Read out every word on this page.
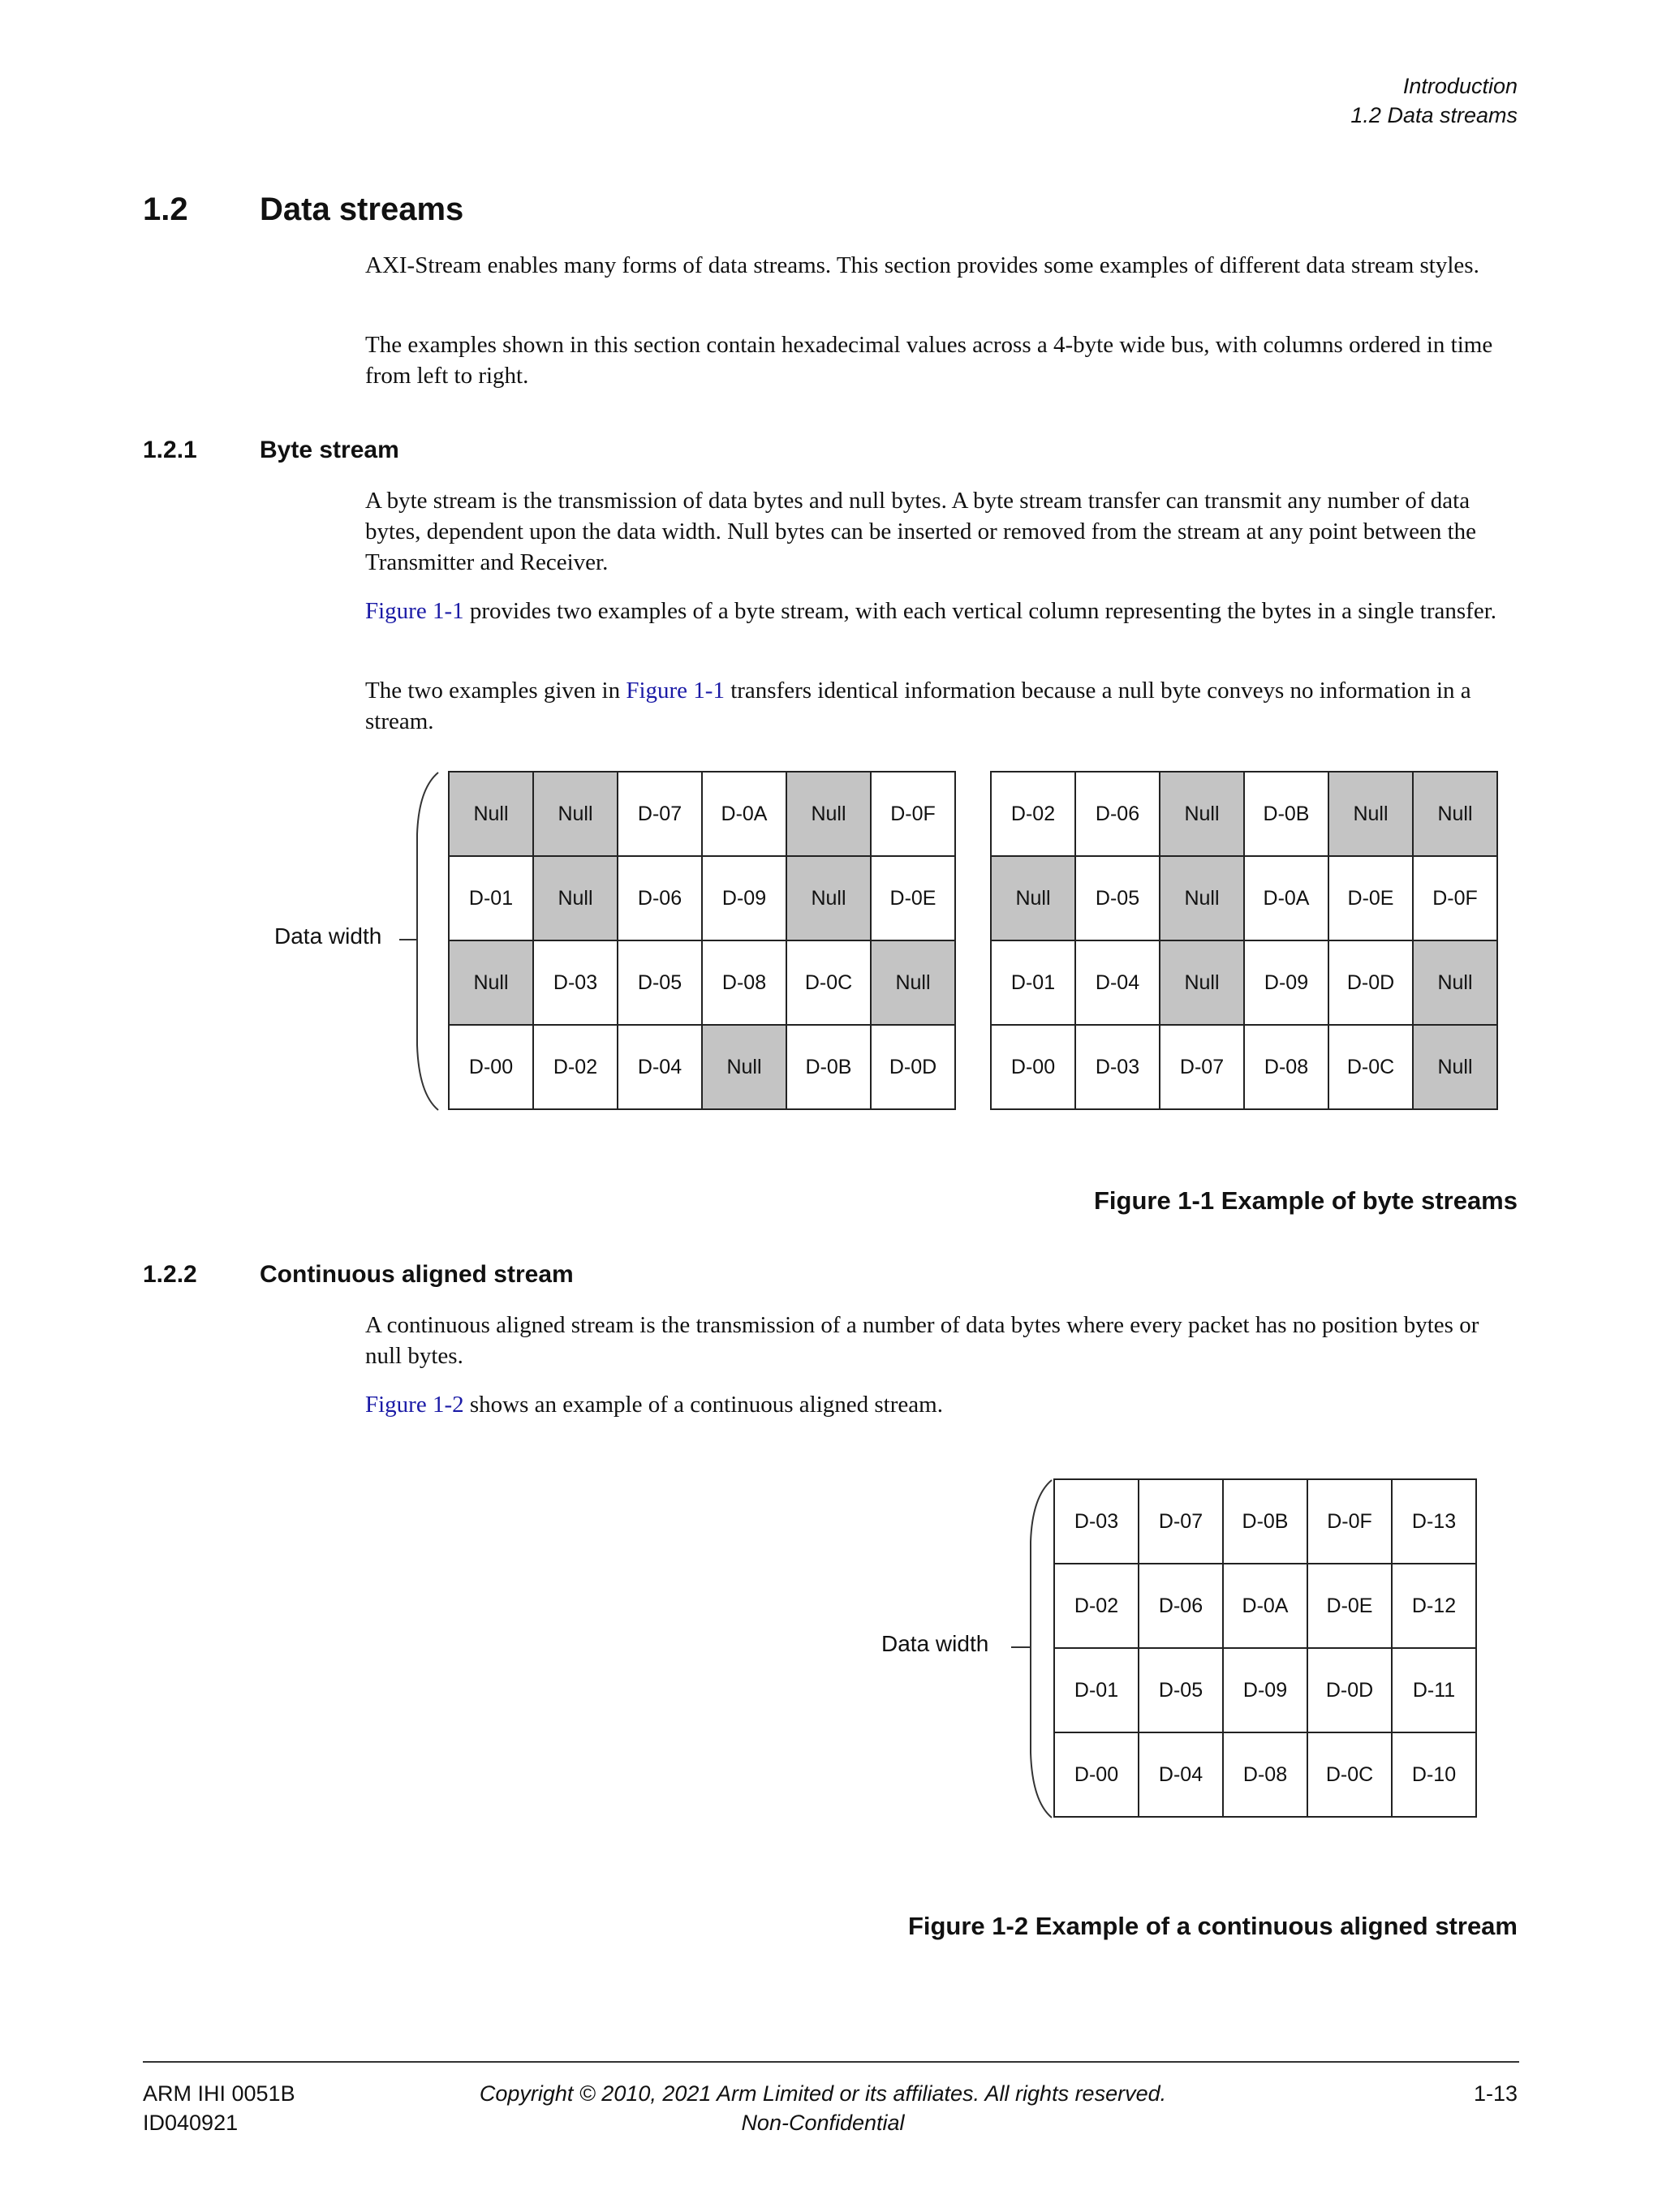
Introduction
1.2 Data streams
1.2 Data streams

AXI-Stream enables many forms of data streams. This section provides some examples of different data stream styles.

The examples shown in this section contain hexadecimal values across a 4-byte wide bus, with columns ordered in time from left to right.

1.2.1	Byte stream

A byte stream is the transmission of data bytes and null bytes. A byte stream transfer can transmit any number of data bytes, dependent upon the data width. Null bytes can be inserted or removed from the stream at any point between the Transmitter and Receiver.

Figure 1-1 provides two examples of a byte stream, with each vertical column representing the bytes in a single transfer.

The two examples given in Figure 1-1 transfers identical information because a null byte conveys no information in a stream.

Data width
Null	Null	D-07	D-0A	Null	D-0F
D-01	Null	D-06	D-09	Null	D-0E
Null	D-03	D-05	D-08	D-0C	Null
D-00	D-02	D-04	Null	D-0B	D-0D
D-02	D-06	Null	D-0B	Null	Null
Null	D-05	Null	D-0A	D-0E	D-0F
D-01	D-04	Null	D-09	D-0D	Null
D-00	D-03	D-07	D-08	D-0C	Null
Figure 1-1 Example of byte streams
1.2.2	Continuous aligned stream

A continuous aligned stream is the transmission of a number of data bytes where every packet has no position bytes or null bytes.

Figure 1-2 shows an example of a continuous aligned stream.

Data width
D-03	D-07	D-0B	D-0F	D-13
D-02	D-06	D-0A	D-0E	D-12
D-01	D-05	D-09	D-0D	D-11
D-00	D-04	D-08	D-0C	D-10
Figure 1-2 Example of a continuous aligned stream
ARM IHI 0051B
ID040921
Copyright © 2010, 2021 Arm Limited or its affiliates. All rights reserved.
Non-Confidential
1-13
